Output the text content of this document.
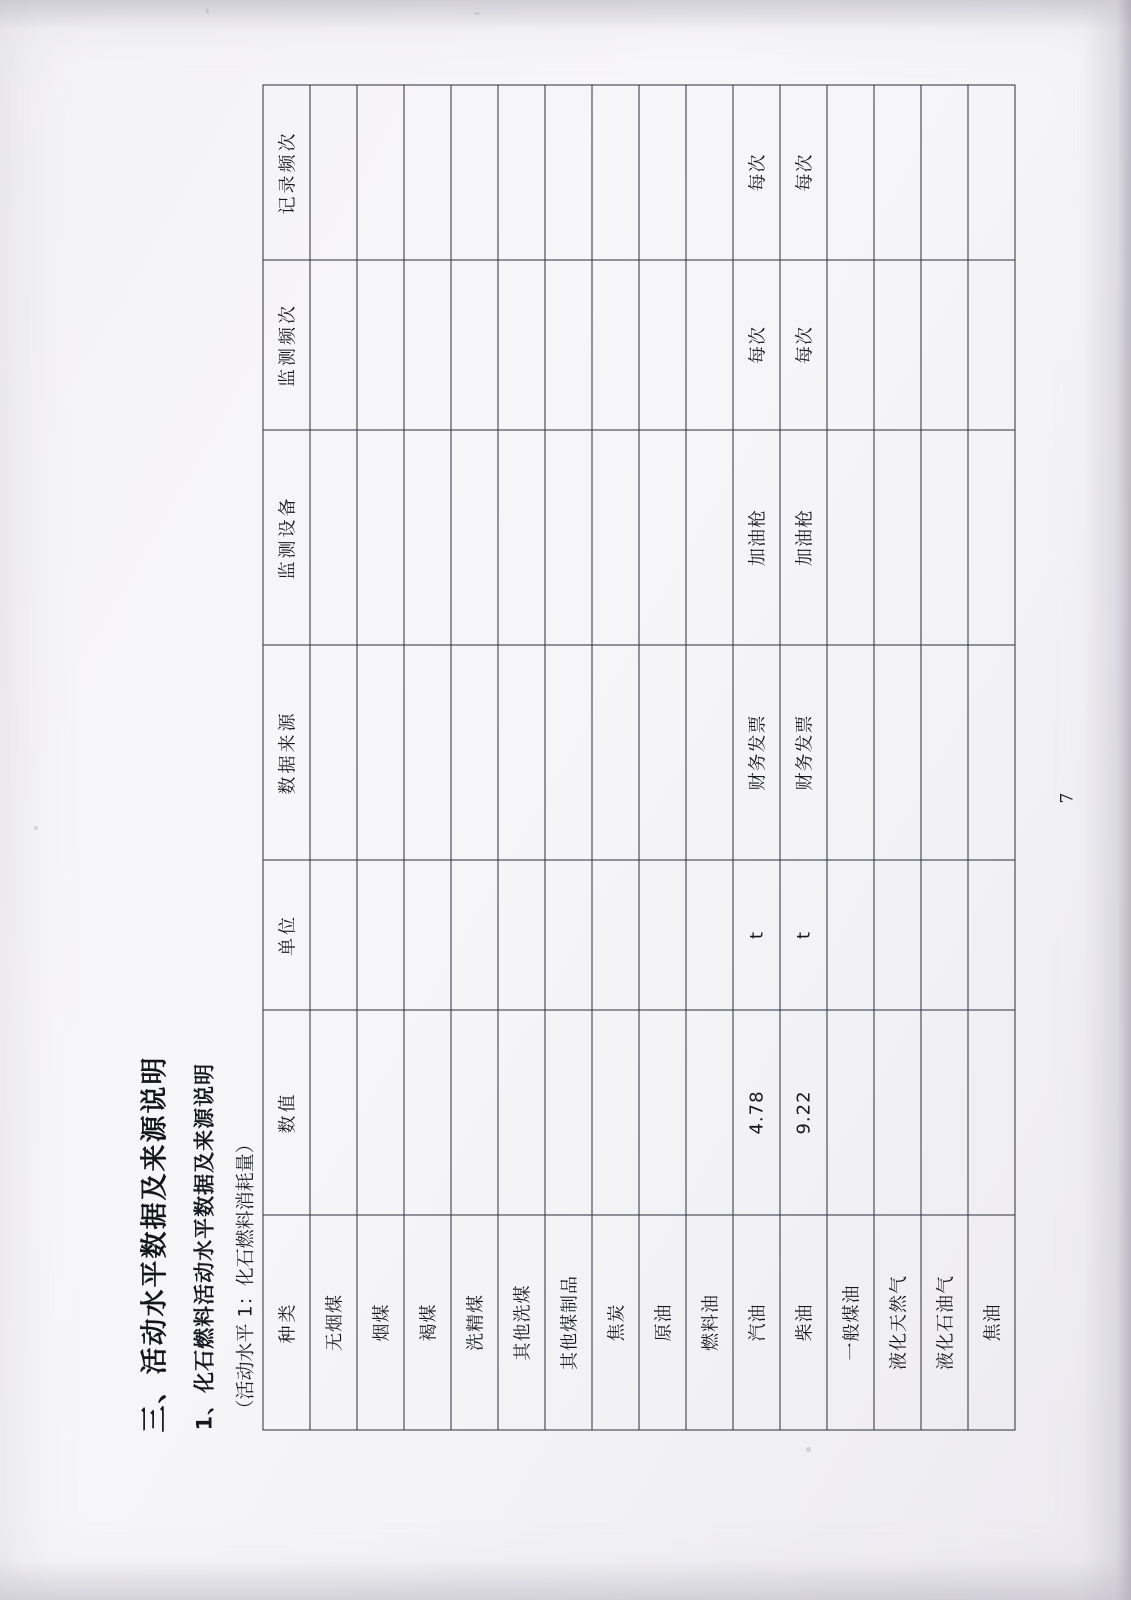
三、活动水平数据及来源说明 1、化石燃料活动水平数据及来源说明 （活动水平 1：化石燃料消耗量） 种类	数值	单位	数据来源	监测设备	监测频次	记录频次
无烟煤						
烟煤						
褐煤						
洗精煤						
其他洗煤						
其他煤制品						
焦炭						
原油						
燃料油						
汽油	4.78	t	财务发票	加油枪	每次	每次
柴油	9.22	t	财务发票	加油枪	每次	每次
一般煤油						
液化天然气						
液化石油气						
焦油						
7
